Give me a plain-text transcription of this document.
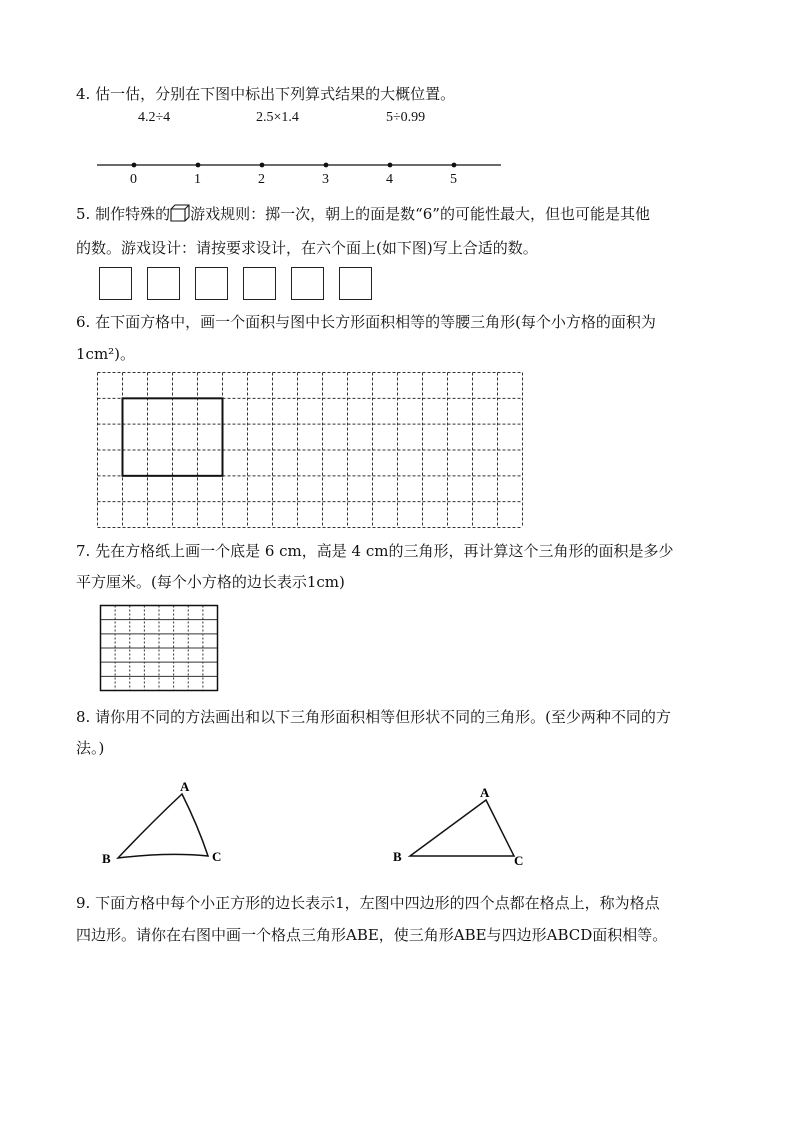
4. 估一估，分别在下图中标出下列算式结果的大概位置。
4.2÷4	2.5×1.4	5÷0.99
0	1	2	3	4	5
5. 制作特殊的 游戏规则：掷一次，朝上的面是数“6”的可能性最大，但也可能是其他
的数。游戏设计：请按要求设计，在六个面上(如下图)写上合适的数。
6. 在下面方格中，画一个面积与图中长方形面积相等的等腰三角形(每个小方格的面积为
1cm²)。
7. 先在方格纸上画一个底是 6 cm，高是 4 cm的三角形，再计算这个三角形的面积是多少
平方厘米。(每个小方格的边长表示1cm)
8. 请你用不同的方法画出和以下三角形面积相等但形状不同的三角形。(至少两种不同的方
法。)
A
B	C
A
B	C
9. 下面方格中每个小正方形的边长表示1，左图中四边形的四个点都在格点上，称为格点
四边形。请你在右图中画一个格点三角形ABE，使三角形ABE与四边形ABCD面积相等。
